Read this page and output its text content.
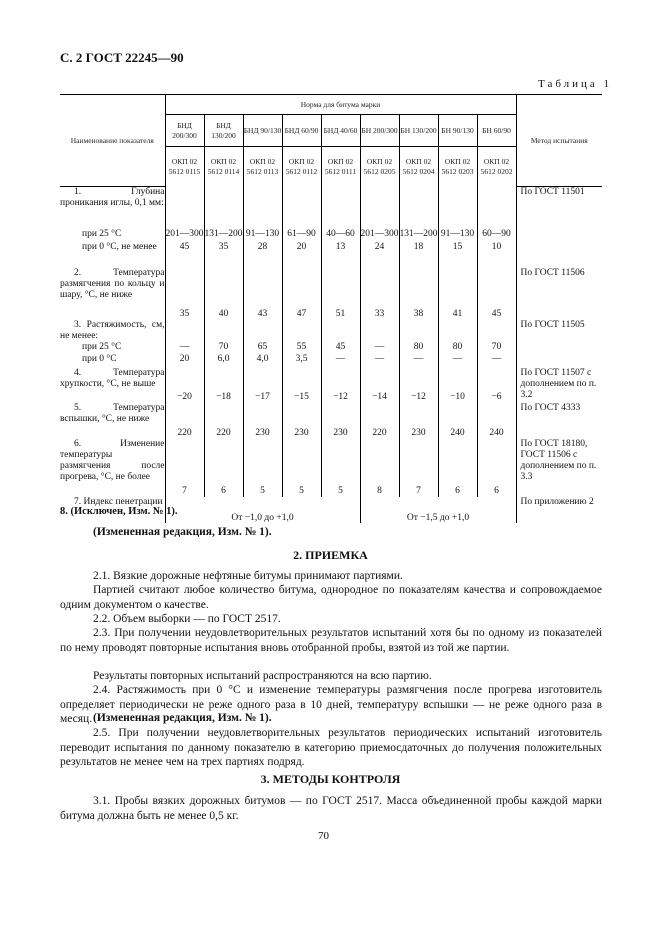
С. 2 ГОСТ 22245—90
Таблица 1
Наименование показателя	Норма для битума марки									Метод испытания
	БНД 200/300	БНД 130/200	БНД 90/130	БНД 60/90	БНД 40/60	БН 200/300	БН 130/200	БН 90/130	БН 60/90	
	ОКП 02 5612 0115	ОКП 02 5612 0114	ОКП 02 5612 0113	ОКП 02 5612 0112	ОКП 02 5612 0111	ОКП 02 5612 0205	ОКП 02 5612 0204	ОКП 02 5612 0203	ОКП 02 5612 0202	
1. Глубина проникания иглы, 0,1 мм:										По ГОСТ 11501
при 25 °С	201—300	131—200	91—130	61—90	40—60	201—300	131—200	91—130	60—90	
при 0 °С, не менее	45	35	28	20	13	24	18	15	10	
2. Температура размягчения по кольцу и шару, °С, не ниже	35	40	43	47	51	33	38	41	45	По ГОСТ 11506
3. Растяжимость, см, не менее:										По ГОСТ 11505
при 25 °С	—	70	65	55	45	—	80	80	70	
при 0 °С	20	6,0	4,0	3,5	—	—	—	—	—	
4. Температура хрупкости, °С, не выше	−20	−18	−17	−15	−12	−14	−12	−10	−6	По ГОСТ 11507 с дополнением по п. 3.2
5. Температура вспышки, °С, не ниже	220	220	230	230	230	220	230	240	240	По ГОСТ 4333
6. Изменение температуры размягчения после прогрева, °С, не более	7	6	5	5	5	8	7	6	6	По ГОСТ 18180, ГОСТ 11506 с дополнением по п. 3.3
7. Индекс пенетрации	От −1,0 до +1,0					От −1,5 до +1,0				По приложению 2
8. (Исключен, Изм. № 1).
(Измененная редакция, Изм. № 1).
2. ПРИЕМКА
2.1. Вязкие дорожные нефтяные битумы принимают партиями.
Партией считают любое количество битума, однородное по показателям качества и сопровождаемое одним документом о качестве.
2.2. Объем выборки — по ГОСТ 2517.
2.3. При получении неудовлетворительных результатов испытаний хотя бы по одному из показателей по нему проводят повторные испытания вновь отобранной пробы, взятой из той же партии.
Результаты повторных испытаний распространяются на всю партию.
2.4. Растяжимость при 0 °С и изменение температуры размягчения после прогрева изготовитель определяет периодически не реже одного раза в 10 дней, температуру вспышки — не реже одного раза в месяц. (Измененная редакция, Изм. № 1).
2.5. При получении неудовлетворительных результатов периодических испытаний изготовитель переводит испытания по данному показателю в категорию приемосдаточных до получения положительных результатов не менее чем на трех партиях подряд.
3. МЕТОДЫ КОНТРОЛЯ
3.1. Пробы вязких дорожных битумов — по ГОСТ 2517. Масса объединенной пробы каждой марки битума должна быть не менее 0,5 кг.
70
